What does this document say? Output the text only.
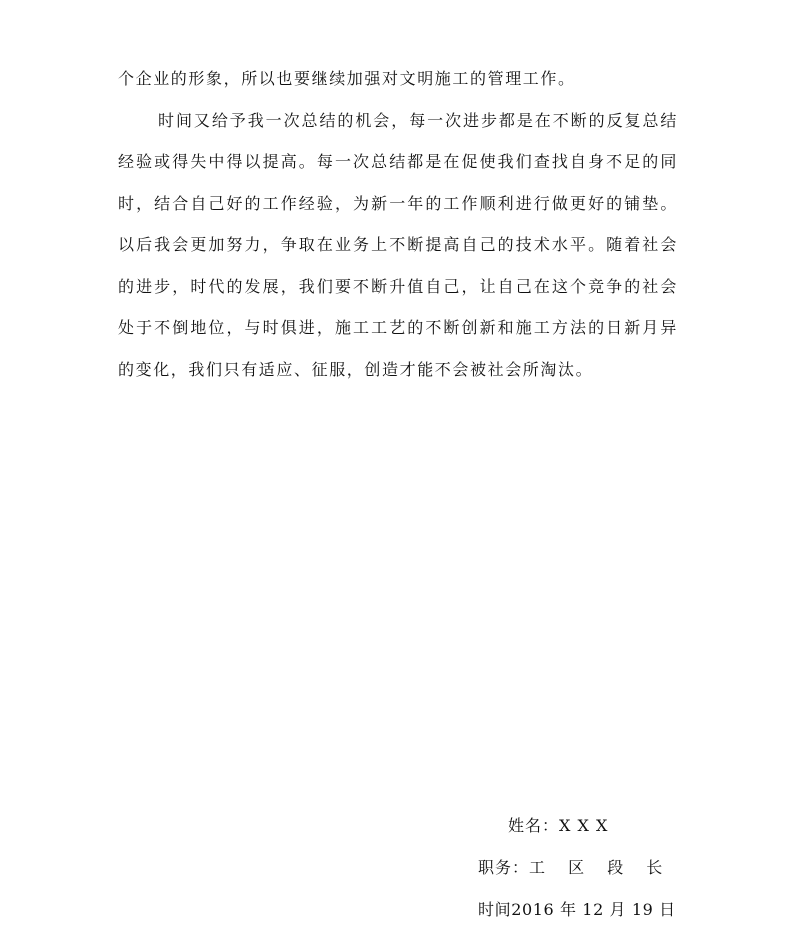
个企业的形象，所以也要继续加强对文明施工的管理工作。

时间又给予我一次总结的机会，每一次进步都是在不断的反复总结经验或得失中得以提高。每一次总结都是在促使我们查找自身不足的同时，结合自己好的工作经验，为新一年的工作顺利进行做更好的铺垫。以后我会更加努力，争取在业务上不断提高自己的技术水平。随着社会的进步，时代的发展，我们要不断升值自己，让自己在这个竞争的社会处于不倒地位，与时俱进，施工工艺的不断创新和施工方法的日新月异的变化，我们只有适应、征服，创造才能不会被社会所淘汰。

姓名：X X X
职务：工 区 段 长
时间2016 年 12 月 19 日
